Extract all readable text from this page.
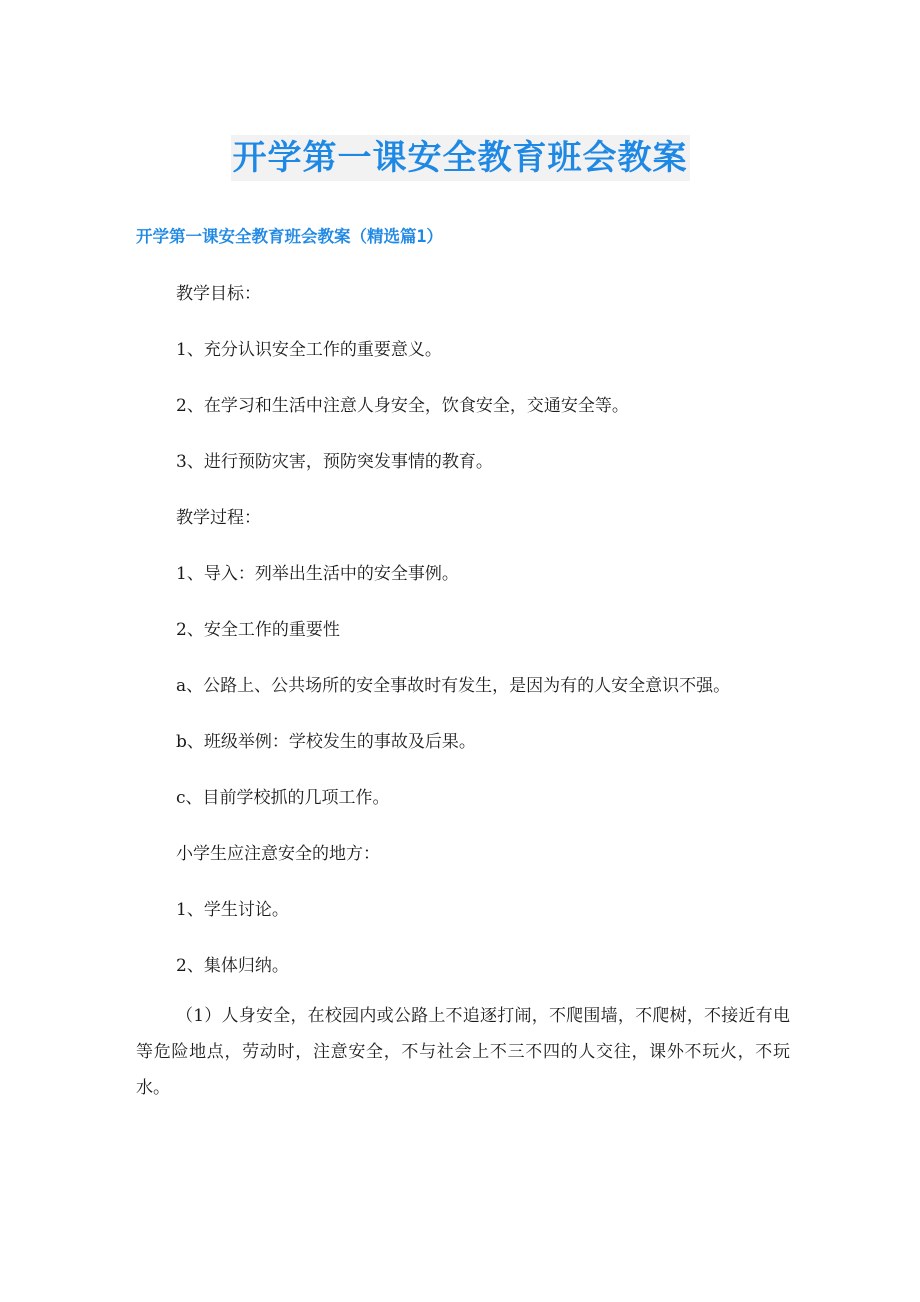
开学第一课安全教育班会教案
开学第一课安全教育班会教案（精选篇1）
教学目标：
1、充分认识安全工作的重要意义。
2、在学习和生活中注意人身安全，饮食安全，交通安全等。
3、进行预防灾害，预防突发事情的教育。
教学过程：
1、导入：列举出生活中的安全事例。
2、安全工作的重要性
a、公路上、公共场所的安全事故时有发生，是因为有的人安全意识不强。
b、班级举例：学校发生的事故及后果。
c、目前学校抓的几项工作。
小学生应注意安全的地方：
1、学生讨论。
2、集体归纳。
（1）人身安全，在校园内或公路上不追逐打闹，不爬围墙，不爬树，不接近有电等危险地点，劳动时，注意安全，不与社会上不三不四的人交往，课外不玩火，不玩水。
